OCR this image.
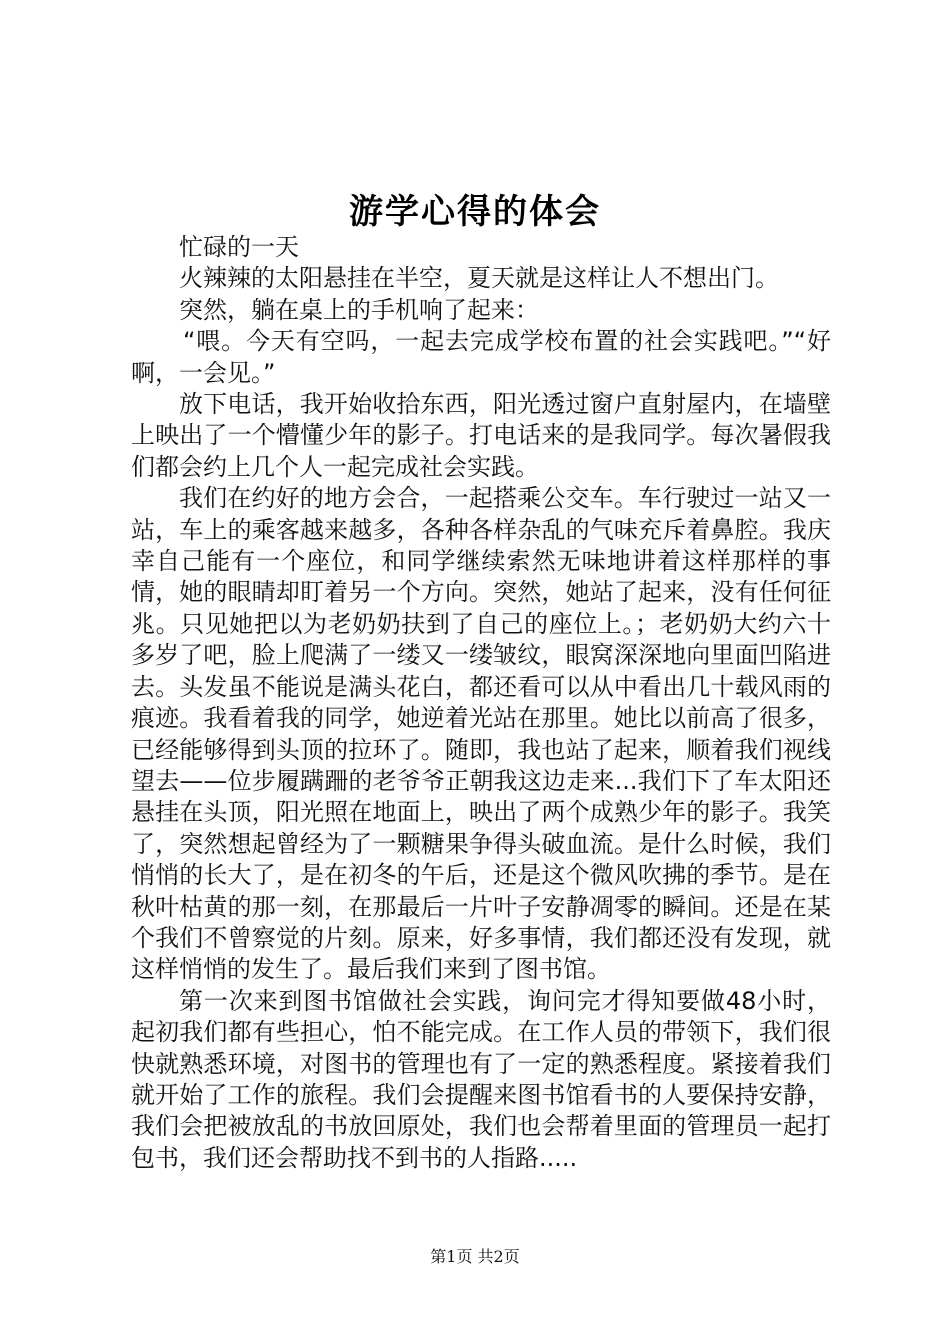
游学心得的体会

忙碌的一天

火辣辣的太阳悬挂在半空，夏天就是这样让人不想出门。

突然，躺在桌上的手机响了起来：

“喂。今天有空吗，一起去完成学校布置的社会实践吧。”“好啊，一会见。”

放下电话，我开始收拾东西，阳光透过窗户直射屋内，在墙壁上映出了一个懵懂少年的影子。打电话来的是我同学。每次暑假我们都会约上几个人一起完成社会实践。

我们在约好的地方会合，一起搭乘公交车。车行驶过一站又一站，车上的乘客越来越多，各种各样杂乱的气味充斥着鼻腔。我庆幸自己能有一个座位，和同学继续索然无味地讲着这样那样的事情，她的眼睛却盯着另一个方向。突然，她站了起来，没有任何征兆。只见她把以为老奶奶扶到了自己的座位上。；老奶奶大约六十多岁了吧，脸上爬满了一缕又一缕皱纹，眼窝深深地向里面凹陷进去。头发虽不能说是满头花白，都还看可以从中看出几十载风雨的痕迹。我看着我的同学，她逆着光站在那里。她比以前高了很多，已经能够得到头顶的拉环了。随即，我也站了起来，顺着我们视线望去——位步履蹒跚的老爷爷正朝我这边走来...我们下了车太阳还悬挂在头顶，阳光照在地面上，映出了两个成熟少年的影子。我笑了，突然想起曾经为了一颗糖果争得头破血流。是什么时候，我们悄悄的长大了，是在初冬的午后，还是这个微风吹拂的季节。是在秋叶枯黄的那一刻，在那最后一片叶子安静凋零的瞬间。还是在某个我们不曾察觉的片刻。原来，好多事情，我们都还没有发现，就这样悄悄的发生了。最后我们来到了图书馆。

第一次来到图书馆做社会实践，询问完才得知要做48小时，起初我们都有些担心，怕不能完成。在工作人员的带领下，我们很快就熟悉环境，对图书的管理也有了一定的熟悉程度。紧接着我们就开始了工作的旅程。我们会提醒来图书馆看书的人要保持安静，我们会把被放乱的书放回原处，我们也会帮着里面的管理员一起打包书，我们还会帮助找不到书的人指路.....

第1页 共2页
